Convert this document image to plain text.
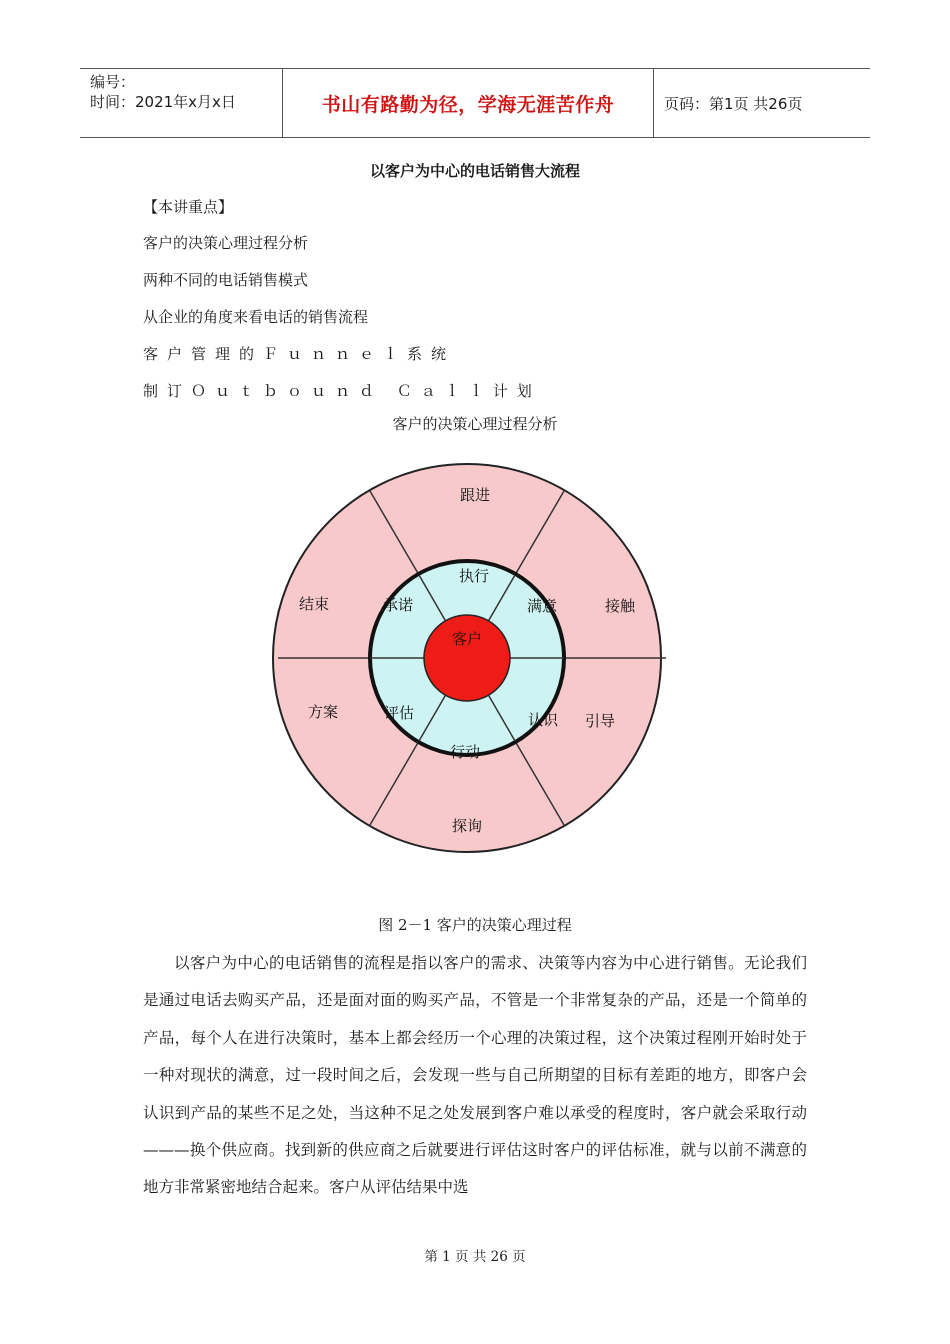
编号：
时间：2021年x月x日	书山有路勤为径，学海无涯苦作舟	页码：第1页 共26页
以客户为中心的电话销售大流程
【本讲重点】
客户的决策心理过程分析
两种不同的电话销售模式
从企业的角度来看电话的销售流程
客户管理的Ｆｕｎｎｅｌ系统
制订Ｏｕｔｂｏｕｎｄ Ｃａｌｌ计划
客户的决策心理过程分析
客户
执行
满意
认识
行动
评估
承诺
跟进
接触
引导
探询
方案
结束
图 2－1 客户的决策心理过程

以客户为中心的电话销售的流程是指以客户的需求、决策等内容为中心进行销售。无论我们是通过电话去购买产品，还是面对面的购买产品，不管是一个非常复杂的产品，还是一个简单的产品，每个人在进行决策时，基本上都会经历一个心理的决策过程，这个决策过程刚开始时处于一种对现状的满意，过一段时间之后，会发现一些与自己所期望的目标有差距的地方，即客户会认识到产品的某些不足之处，当这种不足之处发展到客户难以承受的程度时，客户就会采取行动———换个供应商。找到新的供应商之后就要进行评估这时客户的评估标准，就与以前不满意的地方非常紧密地结合起来。客户从评估结果中选

第 1 页 共 26 页
